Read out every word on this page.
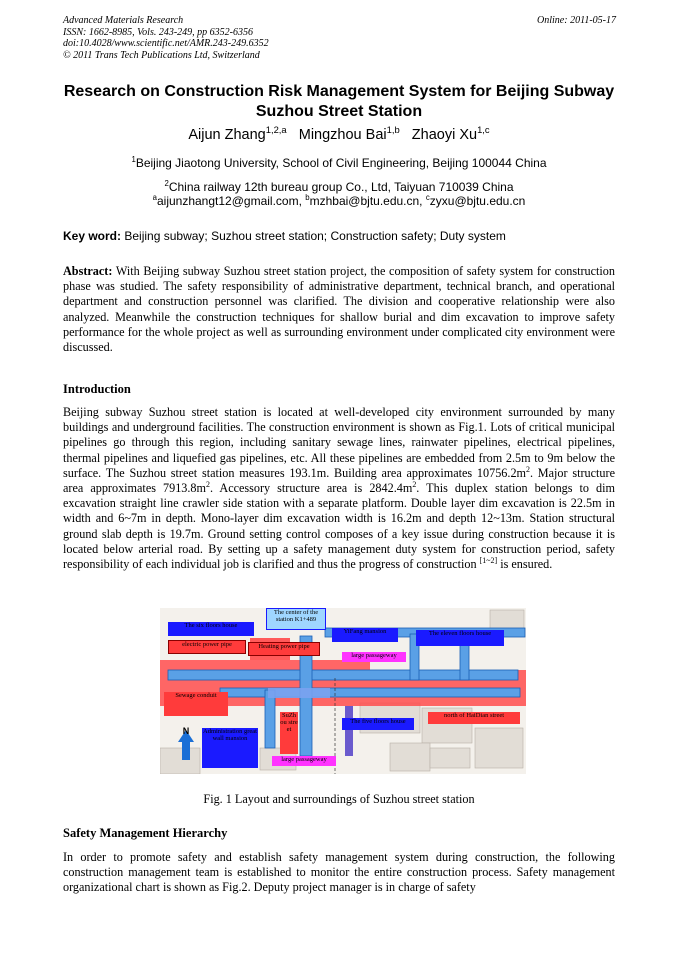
Advanced Materials Research
ISSN: 1662-8985, Vols. 243-249, pp 6352-6356
doi:10.4028/www.scientific.net/AMR.243-249.6352
© 2011 Trans Tech Publications Ltd, Switzerland
Online: 2011-05-17
Research on Construction Risk Management System for Beijing Subway
Suzhou Street Station
Aijun Zhang$^{1,2,a}$ Mingzhou Bai$^{1,b}$ Zhaoyi Xu$^{1,c}$
$^1$Beijing Jiaotong University, School of Civil Engineering, Beijing 100044 China
$^2$China railway 12th bureau group Co., Ltd, Taiyuan 710039 China
$^a$aijunzhangt12@gmail.com, $^b$mzhbai@bjtu.edu.cn, $^c$zyxu@bjtu.edu.cn
Key word: Beijing subway; Suzhou street station; Construction safety; Duty system
Abstract: With Beijing subway Suzhou street station project, the composition of safety system for construction phase was studied. The safety responsibility of administrative department, technical branch, and operational department and construction personnel was clarified. The division and cooperative relationship were also analyzed. Meanwhile the construction techniques for shallow burial and dim excavation to improve safety performance for the whole project as well as surrounding environment under complicated city environment were discussed.
Introduction
Beijing subway Suzhou street station is located at well-developed city environment surrounded by many buildings and underground facilities. The construction environment is shown as Fig.1. Lots of critical municipal pipelines go through this region, including sanitary sewage lines, rainwater pipelines, electrical pipelines, thermal pipelines and liquefied gas pipelines, etc. All these pipelines are embedded from 2.5m to 9m below the surface. The Suzhou street station measures 193.1m. Building area approximates $10756.2m^2$. Major structure area approximates $7913.8m^2$. Accessory structure area is $2842.4m^2$. This duplex station belongs to dim excavation straight line crawler side station with a separate platform. Double layer dim excavation is 22.5m in width and 6~7m in depth. Mono-layer dim excavation width is 16.2m and depth 12~13m. Station structural ground slab depth is 19.7m. Ground setting control composes of a key issue during construction because it is located below arterial road. By setting up a safety management duty system for construction period, safety responsibility of each individual job is clarified and thus the progress of construction [1~2] is ensured.
The center of the station K1+489
The six floors house
YiFang mansion	The eleven floors house
electric power pipe	Heating power pipe
large passageway
Sewage conduit
SuZh ou street
The five floors house
north of HaiDian street
Administration great wall mansion
large passageway
N
Fig. 1 Layout and surroundings of Suzhou street station
Safety Management Hierarchy
In order to promote safety and establish safety management system during construction, the following construction management team is established to monitor the entire construction process. Safety management organizational chart is shown as Fig.2. Deputy project manager is in charge of safety
